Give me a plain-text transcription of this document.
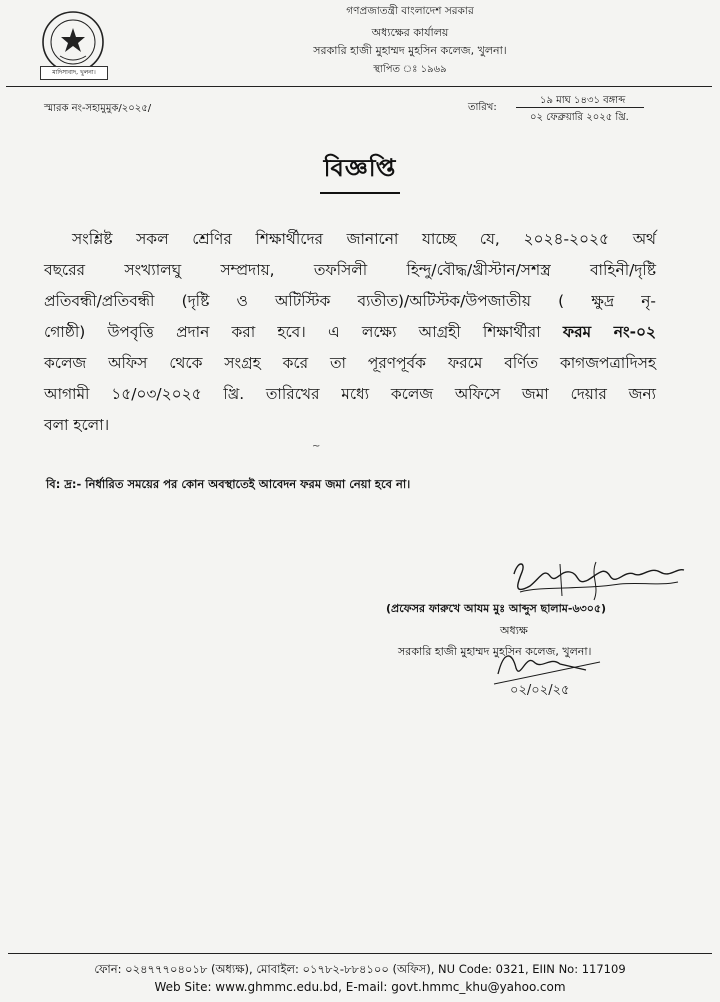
মাদিসাবাদ, খুলনা।
গণপ্রজাতন্ত্রী বাংলাদেশ সরকার
অধ্যক্ষের কার্যালয়
সরকারি হাজী মুহাম্মদ মুহসিন কলেজ, খুলনা।
স্থাপিত ঃ ১৯৬৯
স্মারক নং-সহামুমুক/২০২৫/	তারিখ:
১৯ মাঘ ১৪৩১ বঙ্গাব্দ
০২ ফেব্রুয়ারি ২০২৫ খ্রি.
বিজ্ঞপ্তি
সংশ্লিষ্ট সকল শ্রেণির শিক্ষার্থীদের জানানো যাচ্ছে যে, ২০২৪-২০২৫ অর্থ
বছরের সংখ্যালঘু সম্প্রদায়, তফসিলী হিন্দু/বৌদ্ধ/খ্রীস্টান/সশস্ত্র বাহিনী/দৃষ্টি
প্রতিবন্ধী/প্রতিবন্ধী (দৃষ্টি ও অটিস্টিক ব্যতীত)/অটিস্টক/উপজাতীয় ( ক্ষুদ্র নৃ-
গোষ্ঠী) উপবৃত্তি প্রদান করা হবে। এ লক্ষ্যে আগ্রহী শিক্ষার্থীরা ফরম নং-০২
কলেজ অফিস থেকে সংগ্রহ করে তা পূরণপূর্বক ফরমে বর্ণিত কাগজপত্রাদিসহ
আগামী ১৫/০৩/২০২৫ খ্রি. তারিখের মধ্যে কলেজ অফিসে জমা দেয়ার জন্য
বলা হলো।
~
বি: দ্র:- নির্ধারিত সময়ের পর কোন অবস্থাতেই আবেদন ফরম জমা নেয়া হবে না।
(প্রফেসর ফারুখে আযম মুঃ আব্দুস ছালাম-৬৩০৫)
অধ্যক্ষ
সরকারি হাজী মুহাম্মদ মুহসিন কলেজ, খুলনা।
০২/০২/২৫
ফোন: ০২৪৭৭৭০৪০১৮ (অধ্যক্ষ), মোবাইল: ০১৭৮২-৮৮৪১০০ (অফিস), NU Code: 0321, EIIN No: 117109
Web Site: www.ghmmc.edu.bd, E-mail: govt.hmmc_khu@yahoo.com
